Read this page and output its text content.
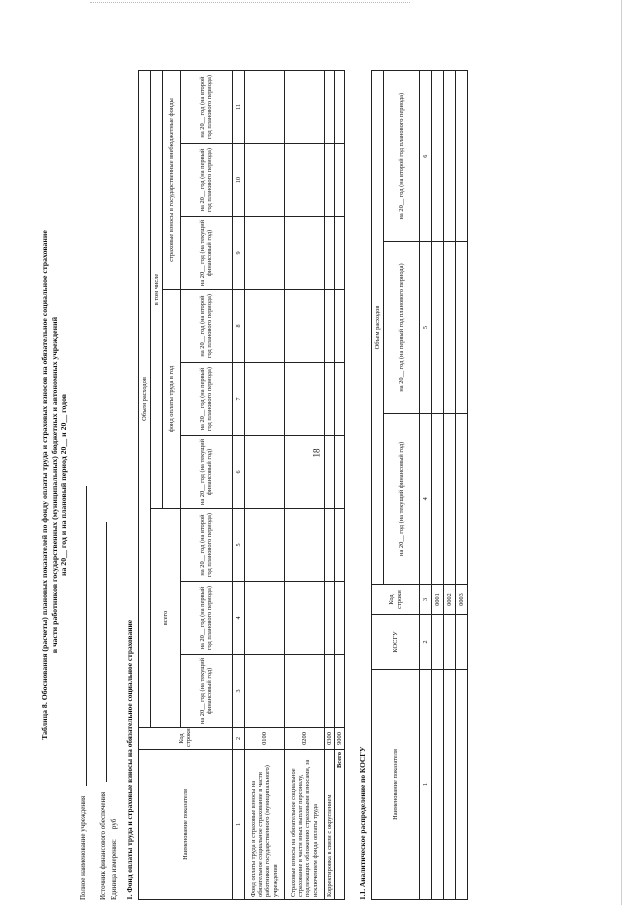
18
Таблица 8. Обоснования (расчеты) плановых показателей по фонду оплаты труда и страховых взносов на обязательное социальное страхование в части работников государственных (муниципальных) бюджетных и автономных учреждений на 20__ год и на плановый период 20__ и 20__ годов
Полное наименование учреждения Источник финансового обеспечения Единица измерения:
руб 1. Фонд оплаты труда и страховые взносы на обязательное социальное страхование	Наименование показателя	Код строки	Объем расходов								
		всего			в том числе					
					фонд оплаты труда в год			страховые взносы в государственные внебюджетные фонды		
		на 20__ год (на текущий финансовый год)	на 20__ год (на первый год планового периода)	на 20__ год (на второй год планового периода)	на 20__ год (на текущий финансовый год)	на 20__ год (на первый год планового периода)	на 20__ год (на второй год планового периода)	на 20__ год (на текущий финансовый год)	на 20__ год (на первый год планового периода)	на 20__ год (на второй год планового периода)
1	2	3	4	5	6	7	8	9	10	11
Фонд оплаты труда и страховые взносы на обязательное социальное страхование в части работников государственного (муниципального) учреждения	0100									
Страховые взносы на обязательное социальное страхование в части иных выплат персоналу, подлежащих обложению страховыми взносами, за исключением фонда оплаты труда	0200									
Корректировка в связи с округлением	0300									
Всего	9000									
1.1. Аналитическое распределение по КОСГУ	Наименование показателя	КОСГУ	Код строки	Объем расходов		
			на 20__ год (на текущий финансовый год)	на 20__ год (на первый год планового периода)	на 20__ год (на второй год планового периода)
1	2	3	4	5	6
		0001			
		0002			
		0003			
